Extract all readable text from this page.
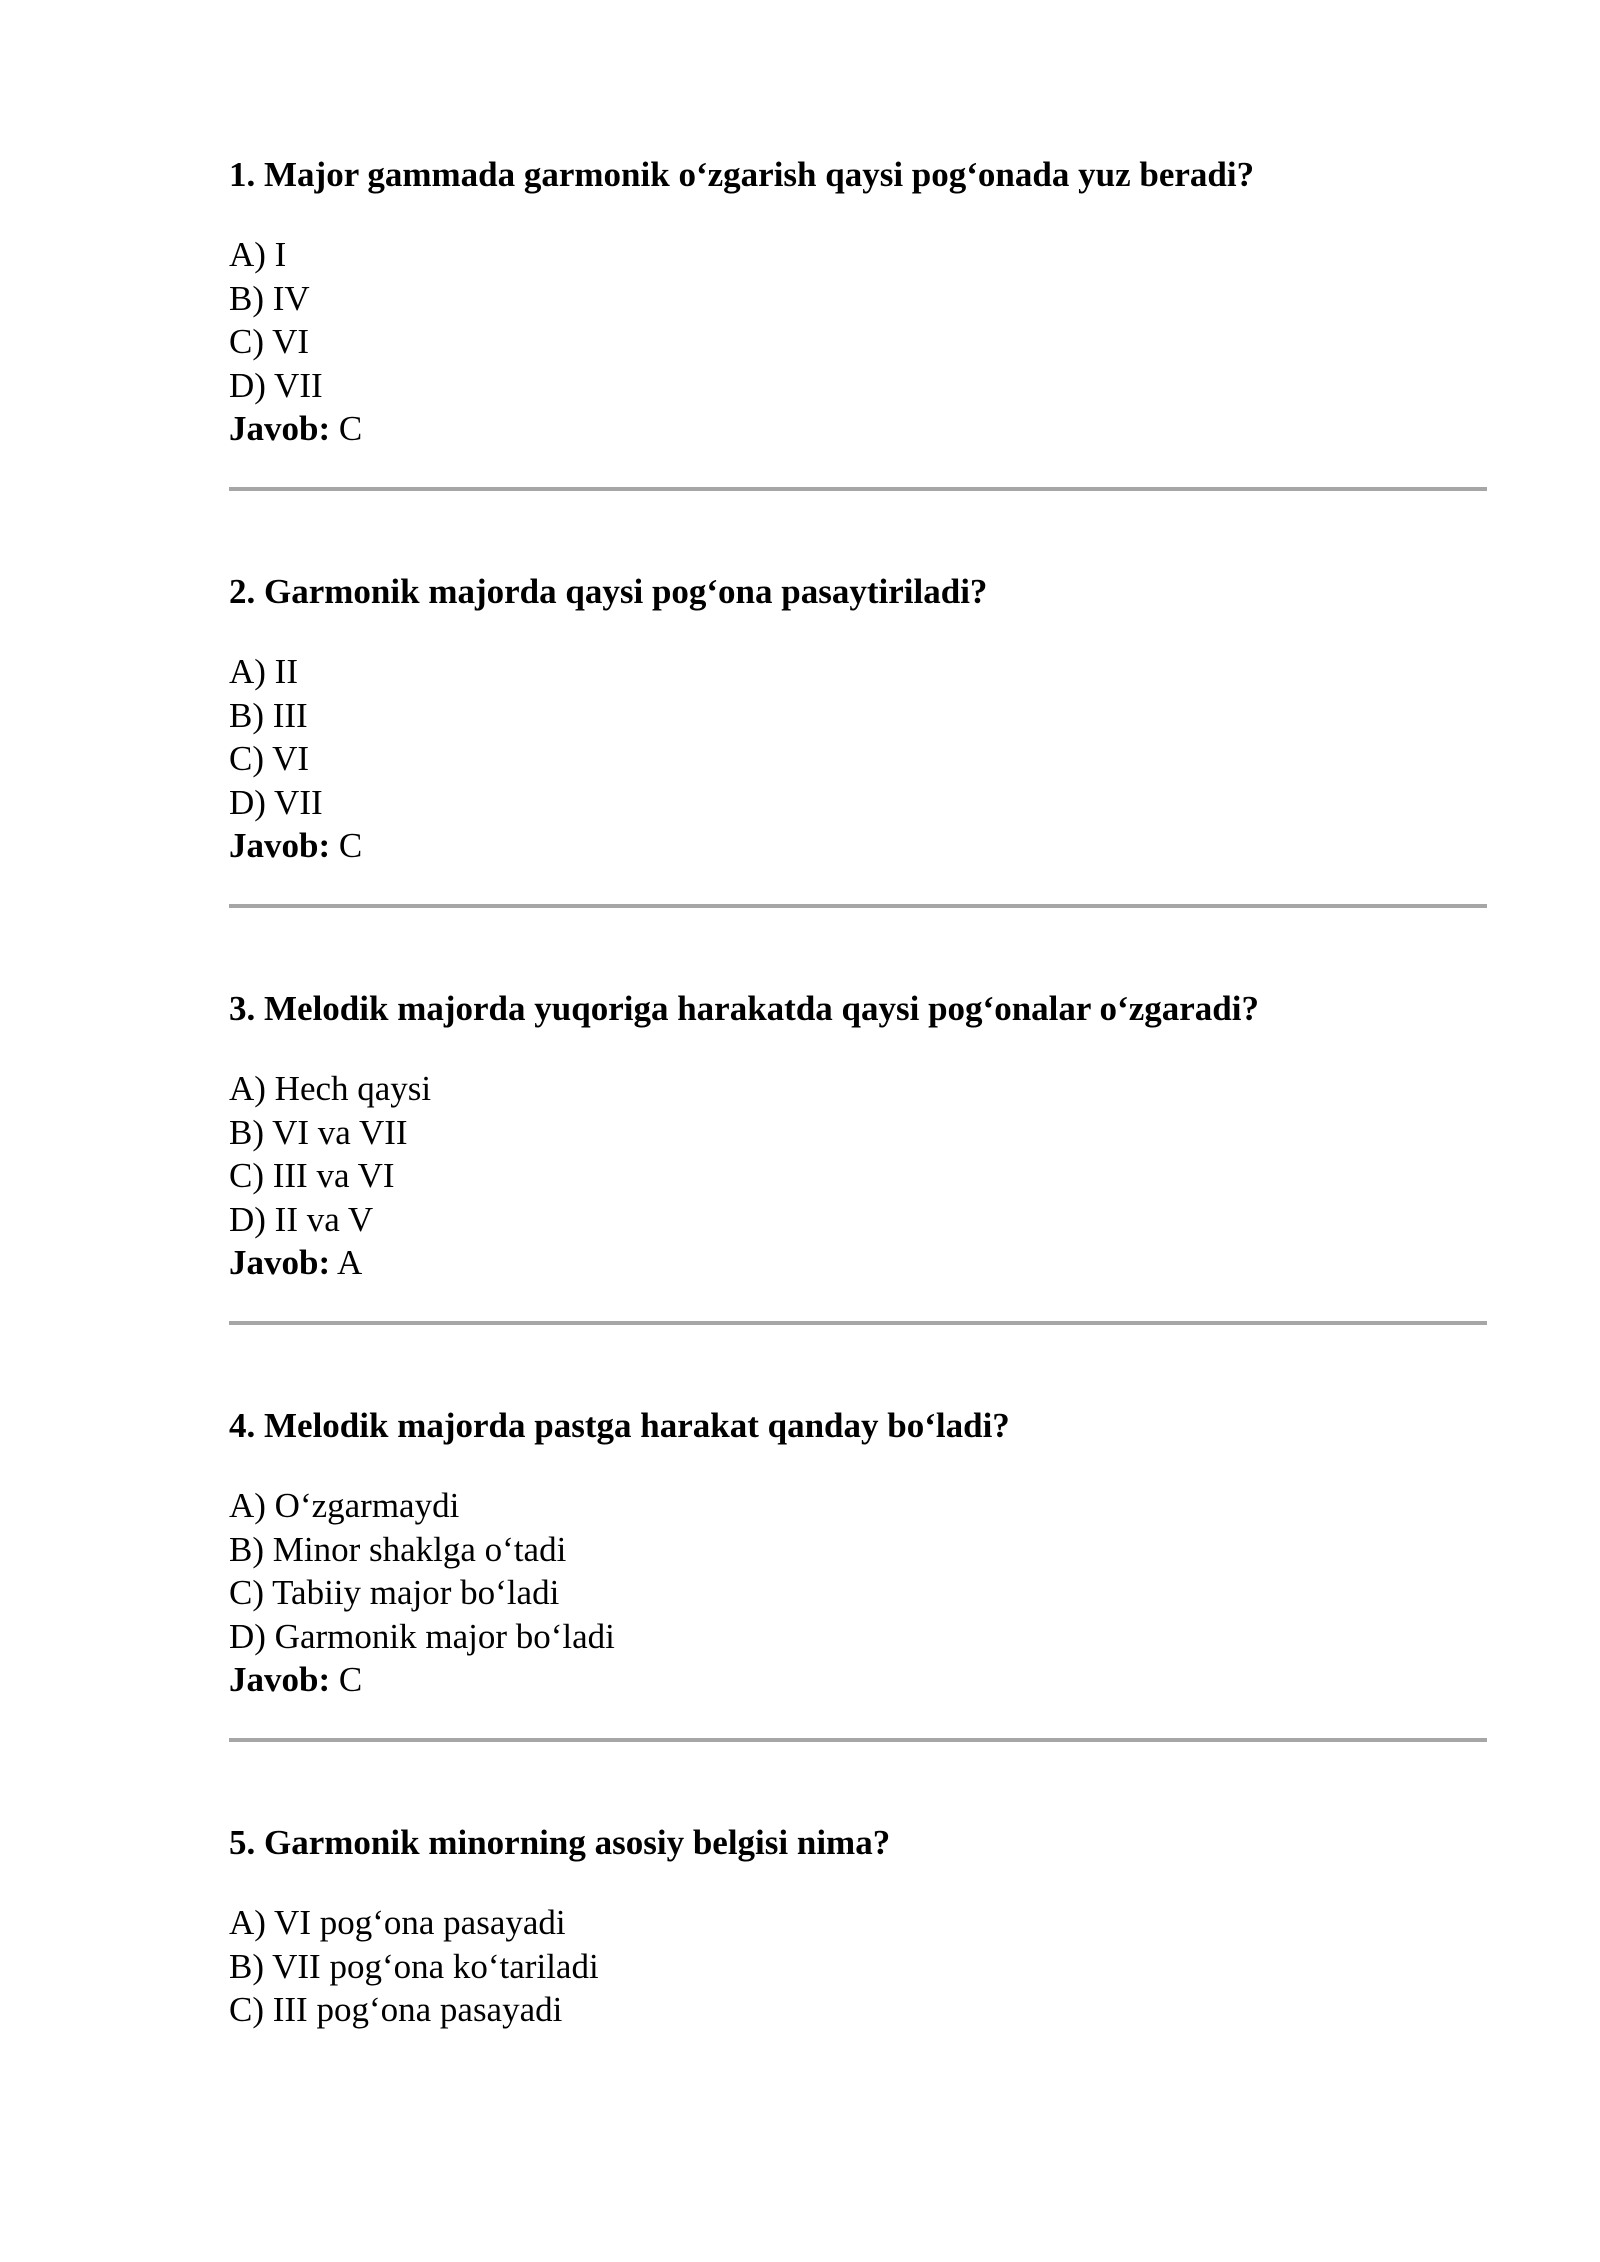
1. Major gammada garmonik o‘zgarish qaysi pog‘onada yuz beradi?

A) I
B) IV
C) VI
D) VII
Javob: C

2. Garmonik majorda qaysi pog‘ona pasaytiriladi?

A) II
B) III
C) VI
D) VII
Javob: C

3. Melodik majorda yuqoriga harakatda qaysi pog‘onalar o‘zgaradi?

A) Hech qaysi
B) VI va VII
C) III va VI
D) II va V
Javob: A

4. Melodik majorda pastga harakat qanday bo‘ladi?

A) O‘zgarmaydi
B) Minor shaklga o‘tadi
C) Tabiiy major bo‘ladi
D) Garmonik major bo‘ladi
Javob: C

5. Garmonik minorning asosiy belgisi nima?

A) VI pog‘ona pasayadi
B) VII pog‘ona ko‘tariladi
C) III pog‘ona pasayadi
